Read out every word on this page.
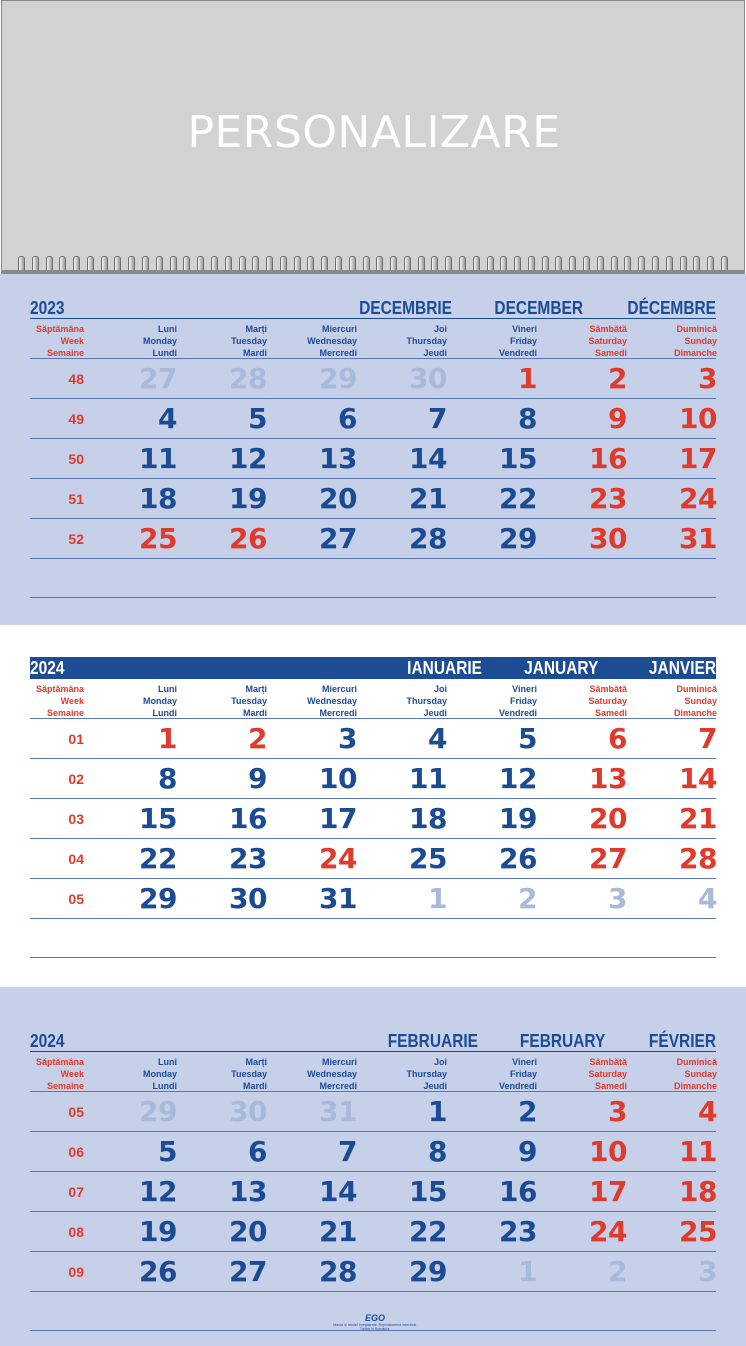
PERSONALIZARE
2023	DECEMBRIE DECEMBER DÉCEMBRE
Săptămâna
Week
Semaine
Luni
Monday
Lundi
Marți
Tuesday
Mardi
Miercuri
Wednesday
Mercredi
Joi
Thursday
Jeudi
Vineri
Friday
Vendredi
Sâmbătă
Saturday
Samedi
Duminică
Sunday
Dimanche
48	27	28	29	30	1	2	3
49	4	5	6	7	8	9	10
50	11	12	13	14	15	16	17
51	18	19	20	21	22	23	24
52	25	26	27	28	29	30	31
2024	IANUARIE JANUARY	JANVIER
Săptămâna
Week
Semaine
Luni
Monday
Lundi
Marți
Tuesday
Mardi
Miercuri
Wednesday
Mercredi
Joi
Thursday
Jeudi
Vineri
Friday
Vendredi
Sâmbătă
Saturday
Samedi
Duminică
Sunday
Dimanche
01	1	2	3	4	5	6	7
02	8	9	10	11	12	13	14
03	15	16	17	18	19	20	21
04	22	23	24	25	26	27	28
05	29	30	31	1	2	3	4
2024	FEBRUARIE FEBRUARY FÉVRIER
Săptămâna
Week
Semaine
Luni
Monday
Lundi
Marți
Tuesday
Mardi
Miercuri
Wednesday
Mercredi
Joi
Thursday
Jeudi
Vineri
Friday
Vendredi
Sâmbătă
Saturday
Samedi
Duminică
Sunday
Dimanche
05	29	30	31	1	2	3	4
06	5	6	7	8	9	10	11
07	12	13	14	15	16	17	18
08	19	20	21	22	23	24	25
09	26	27	28	29	1	2	3
EGO
Marcă și model înregistrate. Reproducerea interzisă. Tipărit în România.
